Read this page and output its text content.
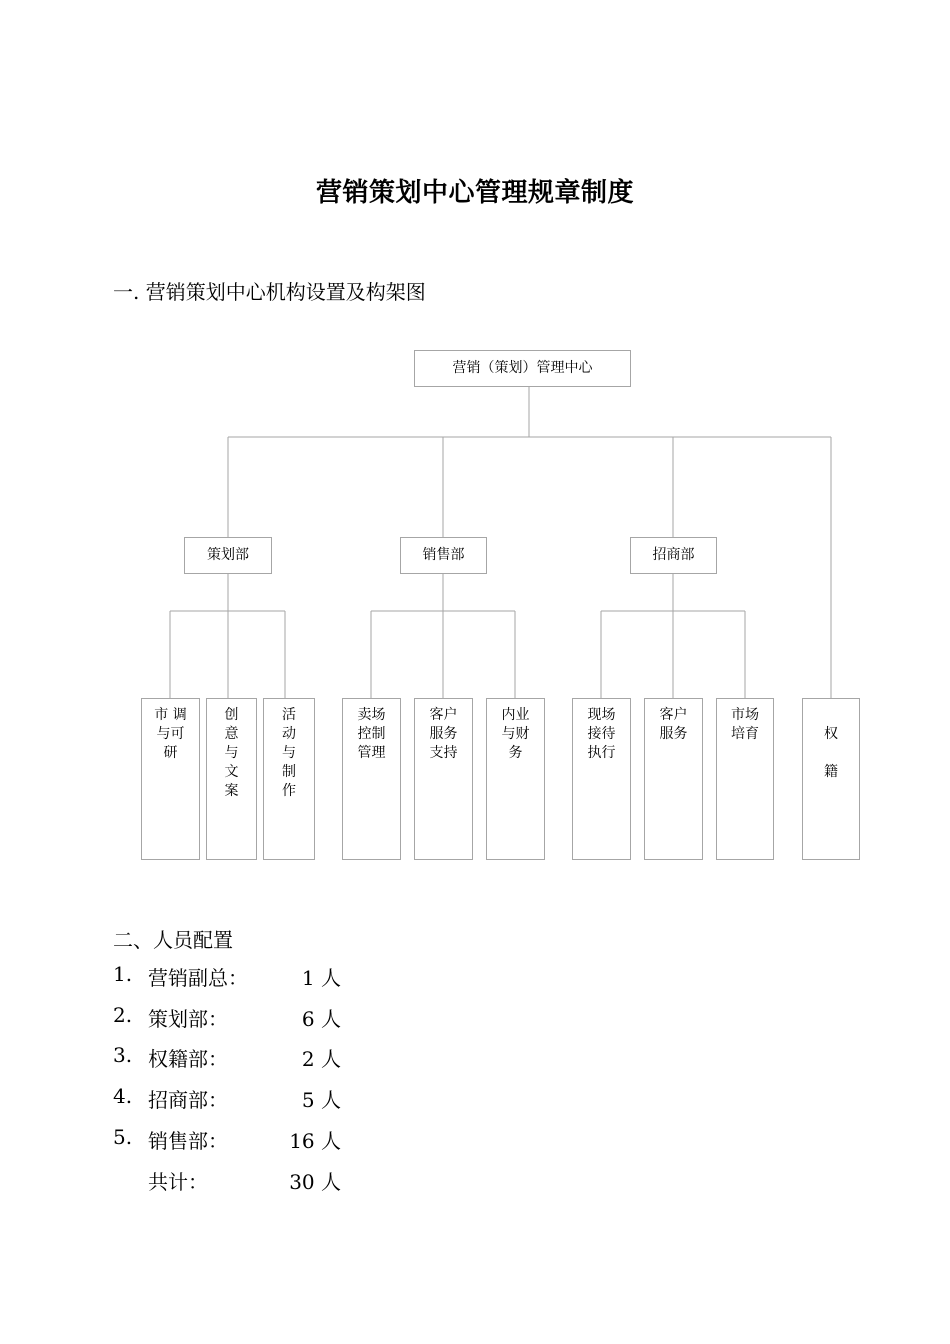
营销策划中心管理规章制度
一. 营销策划中心机构设置及构架图
营销（策划）管理中心
策划部	销售部	招商部
市 调
与可
研
创
意
与
文
案
活
动
与
制
作
卖场
控制
管理
客户
服务
支持
内业
与财
务
现场
接待
执行
客户
服务
市场
培育	权
籍
二、人员配置
1. 营销副总：	1 人
2. 策划部：	6 人
3. 权籍部：	2 人
4. 招商部：	5 人
5. 销售部：	16 人
共计：	30 人
